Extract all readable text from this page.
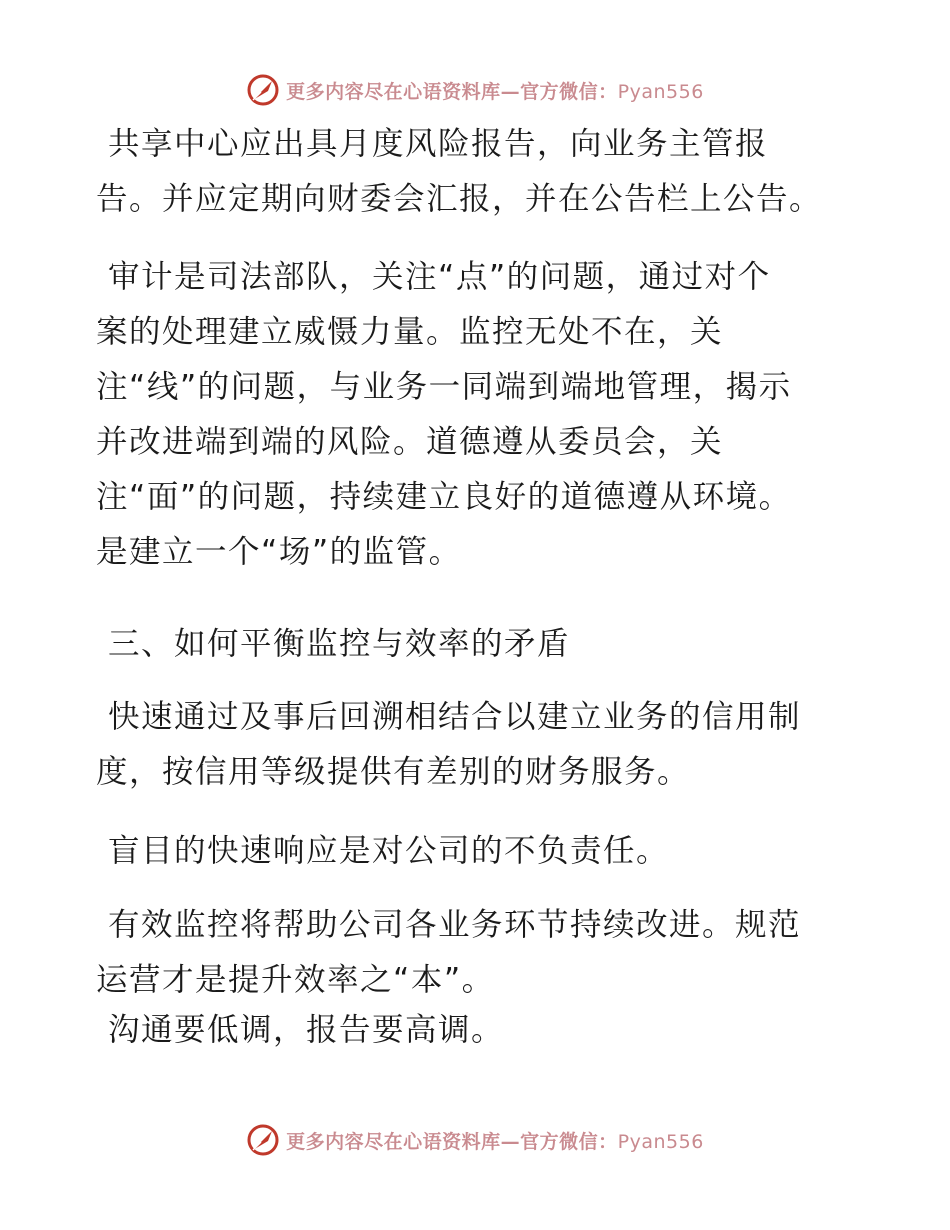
更多内容尽在心语资料库—官方微信：Pyan556

共享中心应出具月度风险报告，向业务主管报
告。并应定期向财委会汇报，并在公告栏上公告。

审计是司法部队，关注“点”的问题，通过对个
案的处理建立威慑力量。监控无处不在，关
注“线”的问题，与业务一同端到端地管理，揭示
并改进端到端的风险。道德遵从委员会，关
注“面”的问题，持续建立良好的道德遵从环境。
是建立一个“场”的监管。

三、如何平衡监控与效率的矛盾

快速通过及事后回溯相结合以建立业务的信用制
度，按信用等级提供有差别的财务服务。

盲目的快速响应是对公司的不负责任。

有效监控将帮助公司各业务环节持续改进。规范
运营才是提升效率之“本”。

沟通要低调，报告要高调。

更多内容尽在心语资料库—官方微信：Pyan556
